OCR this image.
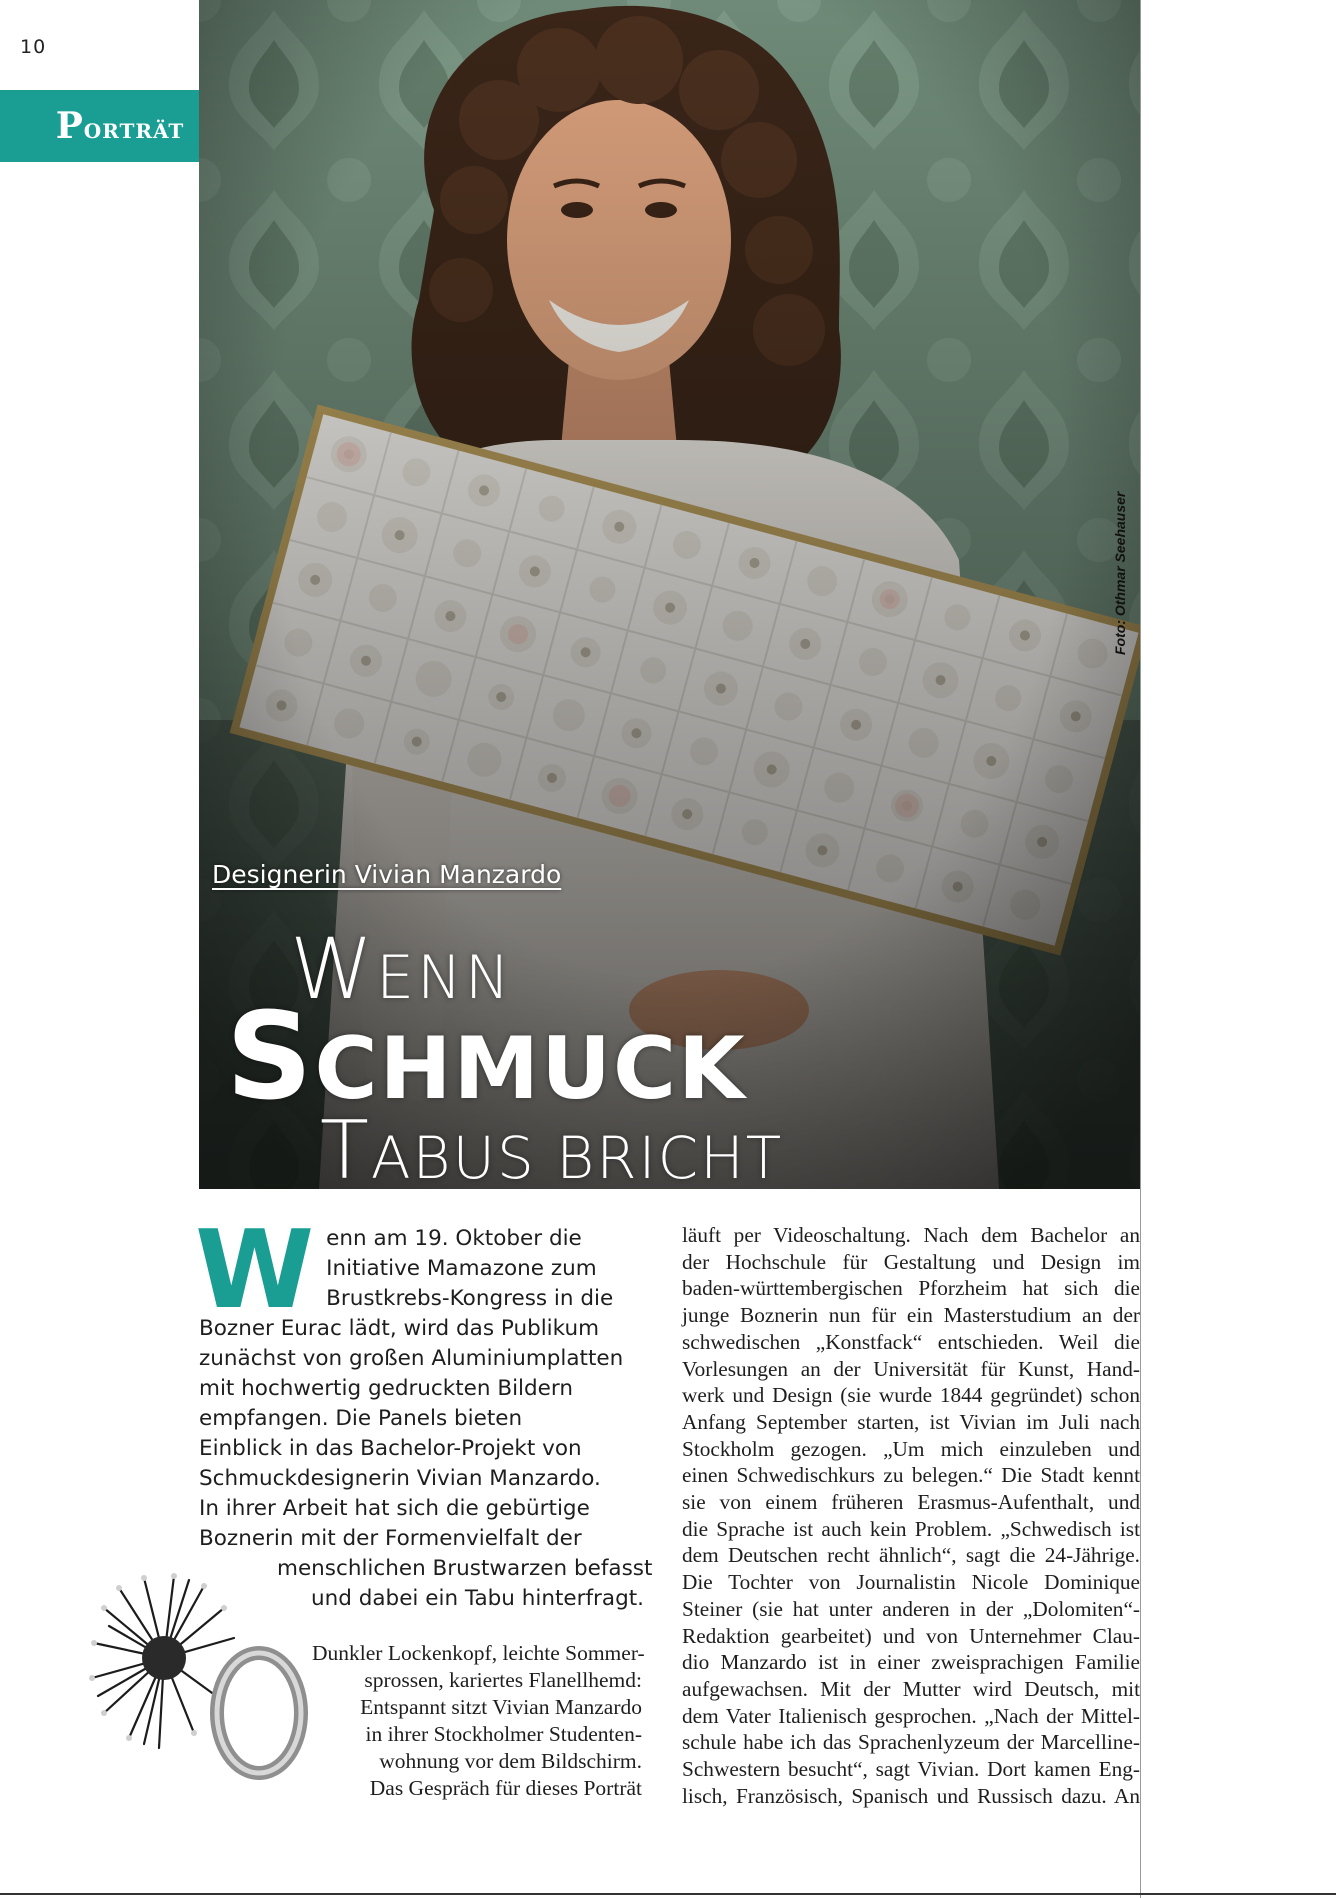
10
Porträt
Foto: Othmar Seehauser
Designerin Vivian Manzardo
WENN
SCHMUCK
TABUS BRICHT
W enn am 19. Oktober die
Initiative Mamazone zum
Brustkrebs-Kongress in die
Bozner Eurac lädt, wird das Publikum
zunächst von großen Aluminiumplatten
mit hochwertig gedruckten Bildern
empfangen. Die Panels bieten
Einblick in das Bachelor-Projekt von
Schmuckdesignerin Vivian Manzardo.
In ihrer Arbeit hat sich die gebürtige
Boznerin mit der Formenvielfalt der
menschlichen Brustwarzen befasst
und dabei ein Tabu hinterfragt.
Dunkler Lockenkopf, leichte Sommer-
sprossen, kariertes Flanellhemd:
Entspannt sitzt Vivian Manzardo
in ihrer Stockholmer Studenten-
wohnung vor dem Bildschirm.
Das Gespräch für dieses Porträt
läuft per Videoschaltung. Nach dem Bachelor an
der Hochschule für Gestaltung und Design im
baden-württembergischen Pforzheim hat sich die
junge Boznerin nun für ein Masterstudium an der
schwedischen „Konstfack“ entschieden. Weil die
Vorlesungen an der Universität für Kunst, Hand-
werk und Design (sie wurde 1844 gegründet) schon
Anfang September starten, ist Vivian im Juli nach
Stockholm gezogen. „Um mich einzuleben und
einen Schwedischkurs zu belegen.“ Die Stadt kennt
sie von einem früheren Erasmus-Aufenthalt, und
die Sprache ist auch kein Problem. „Schwedisch ist
dem Deutschen recht ähnlich“, sagt die 24-Jährige.
Die Tochter von Journalistin Nicole Dominique
Steiner (sie hat unter anderen in der „Dolomiten“-
Redaktion gearbeitet) und von Unternehmer Clau-
dio Manzardo ist in einer zweisprachigen Familie
aufgewachsen. Mit der Mutter wird Deutsch, mit
dem Vater Italienisch gesprochen. „Nach der Mittel-
schule habe ich das Sprachenlyzeum der Marcelline-
Schwestern besucht“, sagt Vivian. Dort kamen Eng-
lisch, Französisch, Spanisch und Russisch dazu. An
